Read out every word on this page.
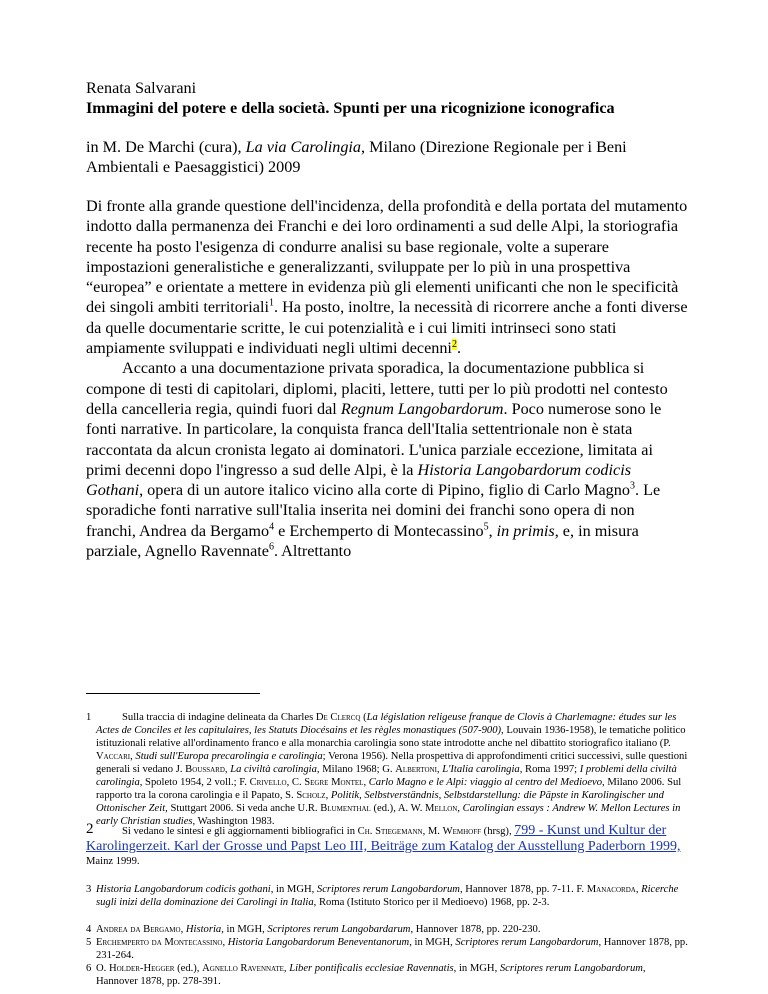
Renata Salvarani

Immagini del potere e della società. Spunti per una ricognizione iconografica

in M. De Marchi (cura), La via Carolingia, Milano (Direzione Regionale per i Beni Ambientali e Paesaggistici) 2009

Di fronte alla grande questione dell'incidenza, della profondità e della portata del mutamento indotto dalla permanenza dei Franchi e dei loro ordinamenti a sud delle Alpi, la storiografia recente ha posto l'esigenza di condurre analisi su base regionale, volte a superare impostazioni generalistiche e generalizzanti, sviluppate per lo più in una prospettiva “europea” e orientate a mettere in evidenza più gli elementi unificanti che non le specificità dei singoli ambiti territoriali$^1$. Ha posto, inoltre, la necessità di ricorrere anche a fonti diverse da quelle documentarie scritte, le cui potenzialità e i cui limiti intrinseci sono stati ampiamente sviluppati e individuati negli ultimi decenni$^2$.

Accanto a una documentazione privata sporadica, la documentazione pubblica si compone di testi di capitolari, diplomi, placiti, lettere, tutti per lo più prodotti nel contesto della cancelleria regia, quindi fuori dal Regnum Langobardorum. Poco numerose sono le fonti narrative. In particolare, la conquista franca dell'Italia settentrionale non è stata raccontata da alcun cronista legato ai dominatori. L'unica parziale eccezione, limitata ai primi decenni dopo l'ingresso a sud delle Alpi, è la Historia Langobardorum codicis Gothani, opera di un autore italico vicino alla corte di Pipino, figlio di Carlo Magno$^3$. Le sporadiche fonti narrative sull'Italia inserita nei domini dei franchi sono opera di non franchi, Andrea da Bergamo$^4$ e Erchemperto di Montecassino$^5$, in primis, e, in misura parziale, Agnello Ravennate$^6$. Altrettanto

1	Sulla traccia di indagine delineata da Charles De Clercq (La législation religeuse franque de Clovis à Charlemagne: études sur les Actes de Conciles et les capitulaires, les Statuts Diocésains et les règles monastiques (507-900), Louvain 1936-1958), le tematiche politico istituzionali relative all'ordinamento franco e alla monarchia carolingia sono state introdotte anche nel dibattito storiografico italiano (P. Vaccari, Studi sull'Europa precarolingia e carolingia; Verona 1956). Nella prospettiva di approfondimenti critici successivi, sulle questioni generali si vedano J. Boussard, La civiltà carolingia, Milano 1968; G. Albertoni, L'Italia carolingia, Roma 1997; I problemi della civiltà carolingia, Spoleto 1954, 2 voll.; F. Crivello, C. Segre Montel, Carlo Magno e le Alpi: viaggio al centro del Medioevo, Milano 2006. Sul rapporto tra la corona carolingia e il Papato, S. Scholz, Politik, Selbstverständnis, Selbstdarstellung: die Päpste in Karolingischer und Ottonischer Zeit, Stuttgart 2006. Si veda anche U.R. Blumenthal (ed.), A. W. Mellon, Carolingian essays : Andrew W. Mellon Lectures in early Christian studies, Washington 1983.
2	Si vedano le sintesi e gli aggiornamenti bibliografici in Ch. Stiegemann, M. Wemhoff (hrsg), 799 - Kunst und Kultur der Karolingerzeit. Karl der Grosse und Papst Leo III, Beiträge zum Katalog der Ausstellung Paderborn 1999, Mainz 1999.
3 Historia Langobardorum codicis gothani, in MGH, Scriptores rerum Langobardorum, Hannover 1878, pp. 7-11. F. Manacorda, Ricerche sugli inizi della dominazione dei Carolingi in Italia, Roma (Istituto Storico per il Medioevo) 1968, pp. 2-3.
4 Andrea da Bergamo, Historia, in MGH, Scriptores rerum Langobardarum, Hannover 1878, pp. 220-230.
5 Erchemperto da Montecassino, Historia Langobardorum Beneventanorum, in MGH, Scriptores rerum Langobardorum, Hannover 1878, pp. 231-264.
6 O. Holder-Hegger (ed.), Agnello Ravennate, Liber pontificalis ecclesiae Ravennatis, in MGH, Scriptores rerum Langobardorum, Hannover 1878, pp. 278-391.
